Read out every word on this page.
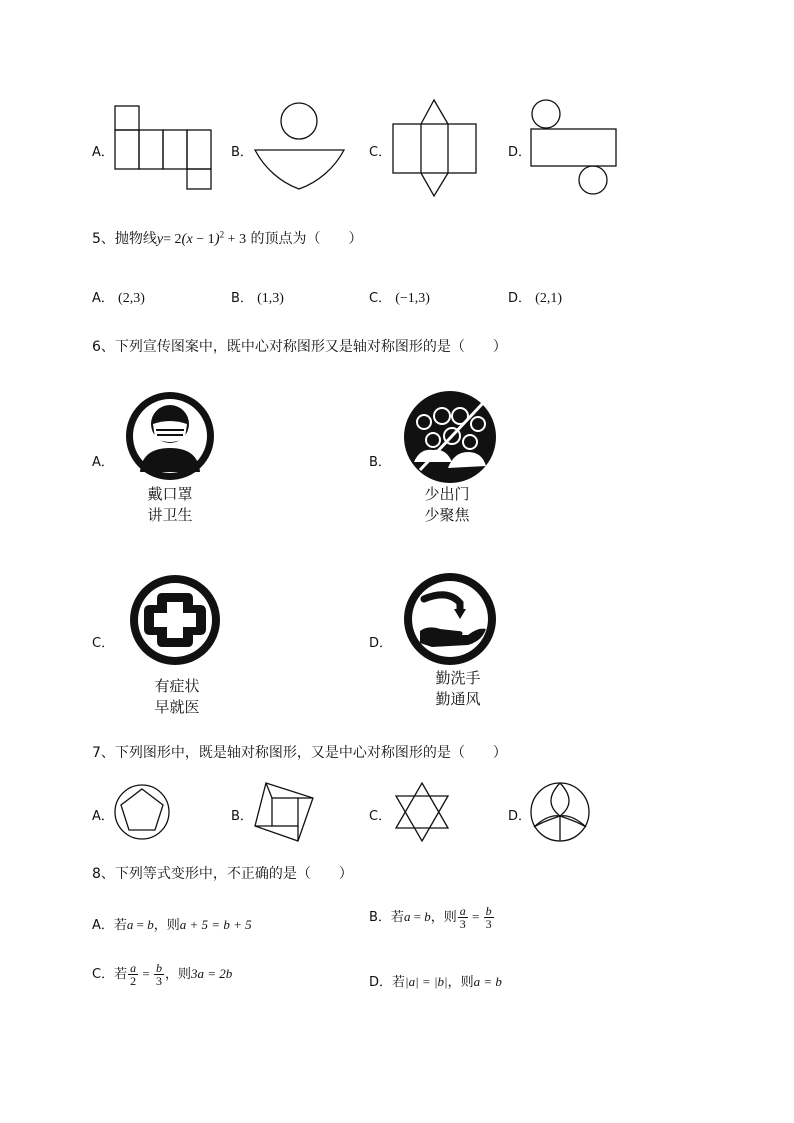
A．	B．	C．	D．
5、抛物线$y= 2(x - 1)^2 + 3$ 的顶点为（　　）
A． (2,3)	B． (1,3)	C． (−1,3)	D． (2,1)
6、下列宣传图案中，既中心对称图形又是轴对称图形的是（　　）
A．
戴口罩
讲卫生
B．
少出门
少聚焦
C．
有症状
早就医
D．
勤洗手
勤通风
7、下列图形中，既是轴对称图形，又是中心对称图形的是（　　）
A．	B．	C．	D．
8、下列等式变形中，不正确的是（　　）
A．若a = b，则a + 5 = b + 5	B．若a = b，则 $\frac{a}{3} = \frac{b}{3}$
C．若 $\frac{a}{2} = \frac{b}{3}$ ，则3a = 2b
D．若|a| = |b|，则a = b
